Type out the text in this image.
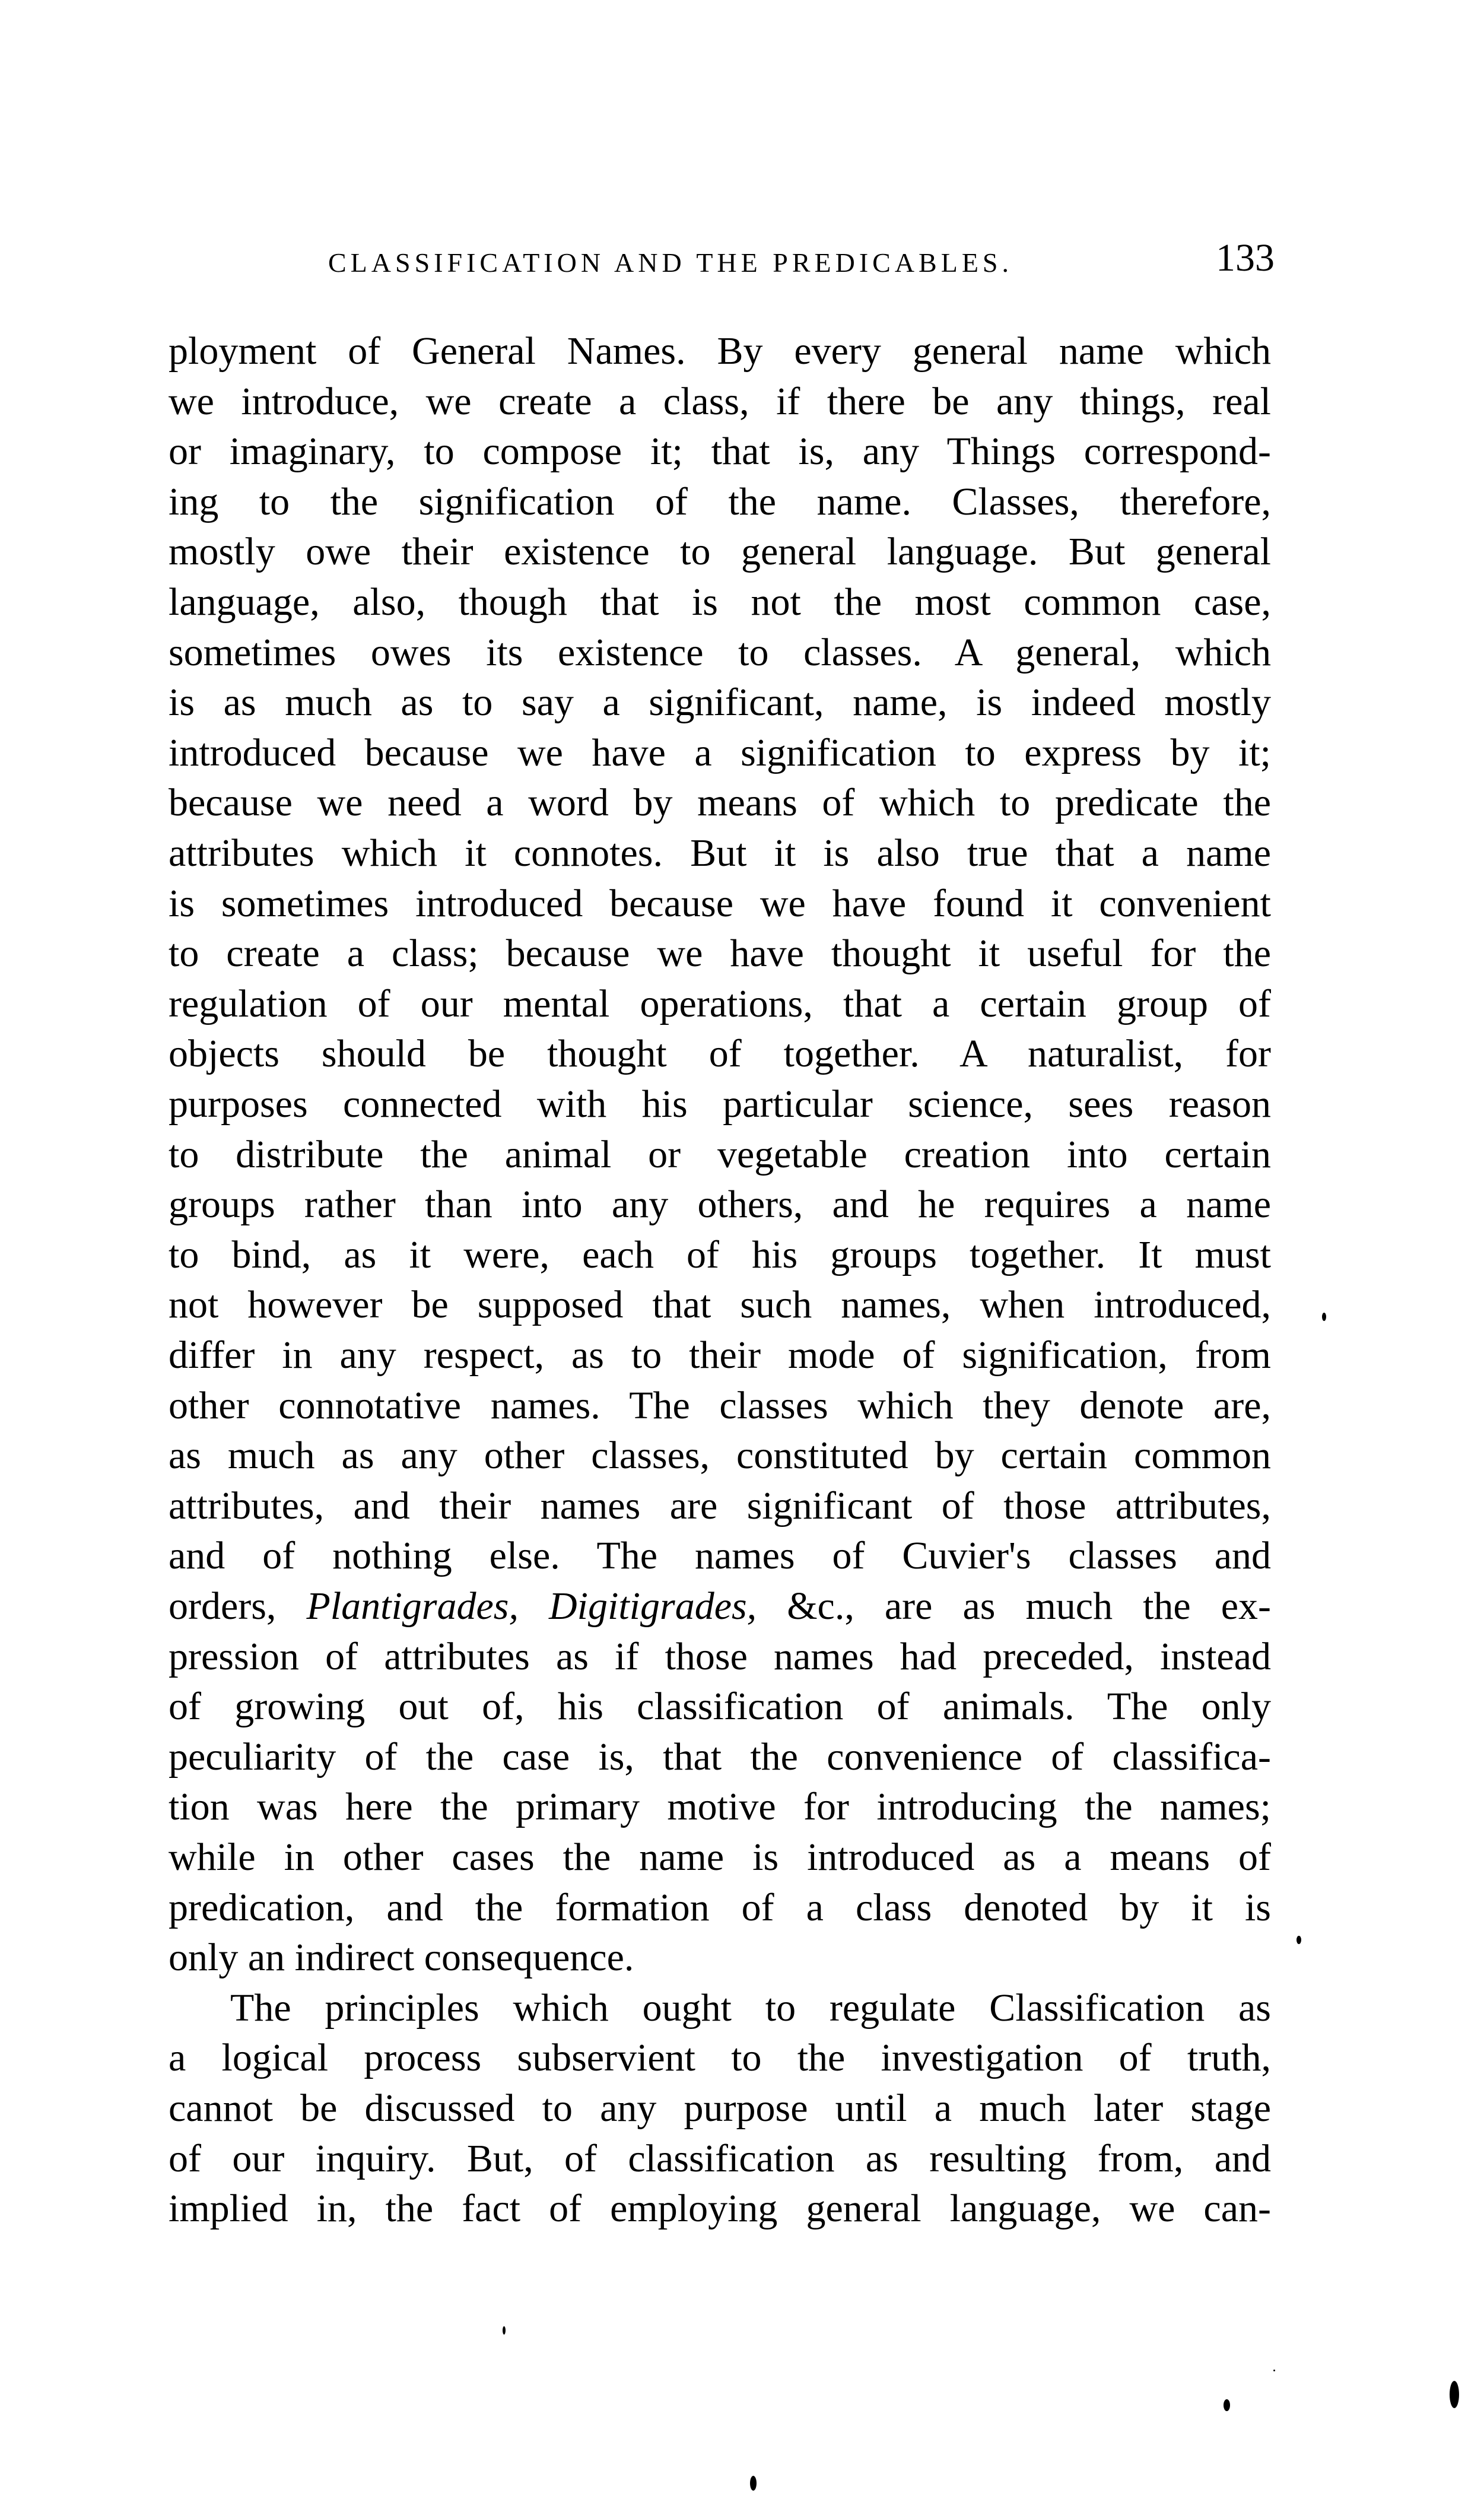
CLASSIFICATION AND THE PREDICABLES.	133
ployment of General Names. By every general name which
we introduce, we create a class, if there be any things, real
or imaginary, to compose it; that is, any Things correspond-
ing to the signification of the name. Classes, therefore,
mostly owe their existence to general language. But general
language, also, though that is not the most common case,
sometimes owes its existence to classes. A general, which
is as much as to say a significant, name, is indeed mostly
introduced because we have a signification to express by it;
because we need a word by means of which to predicate the
attributes which it connotes. But it is also true that a name
is sometimes introduced because we have found it convenient
to create a class; because we have thought it useful for the
regulation of our mental operations, that a certain group of
objects should be thought of together. A naturalist, for
purposes connected with his particular science, sees reason
to distribute the animal or vegetable creation into certain
groups rather than into any others, and he requires a name
to bind, as it were, each of his groups together. It must
not however be supposed that such names, when introduced,
differ in any respect, as to their mode of signification, from
other connotative names. The classes which they denote are,
as much as any other classes, constituted by certain common
attributes, and their names are significant of those attributes,
and of nothing else. The names of Cuvier's classes and
orders, Plantigrades, Digitigrades, &c., are as much the ex-
pression of attributes as if those names had preceded, instead
of growing out of, his classification of animals. The only
peculiarity of the case is, that the convenience of classifica-
tion was here the primary motive for introducing the names;
while in other cases the name is introduced as a means of
predication, and the formation of a class denoted by it is
only an indirect consequence.
The principles which ought to regulate Classification as
a logical process subservient to the investigation of truth,
cannot be discussed to any purpose until a much later stage
of our inquiry. But, of classification as resulting from, and
implied in, the fact of employing general language, we can-
